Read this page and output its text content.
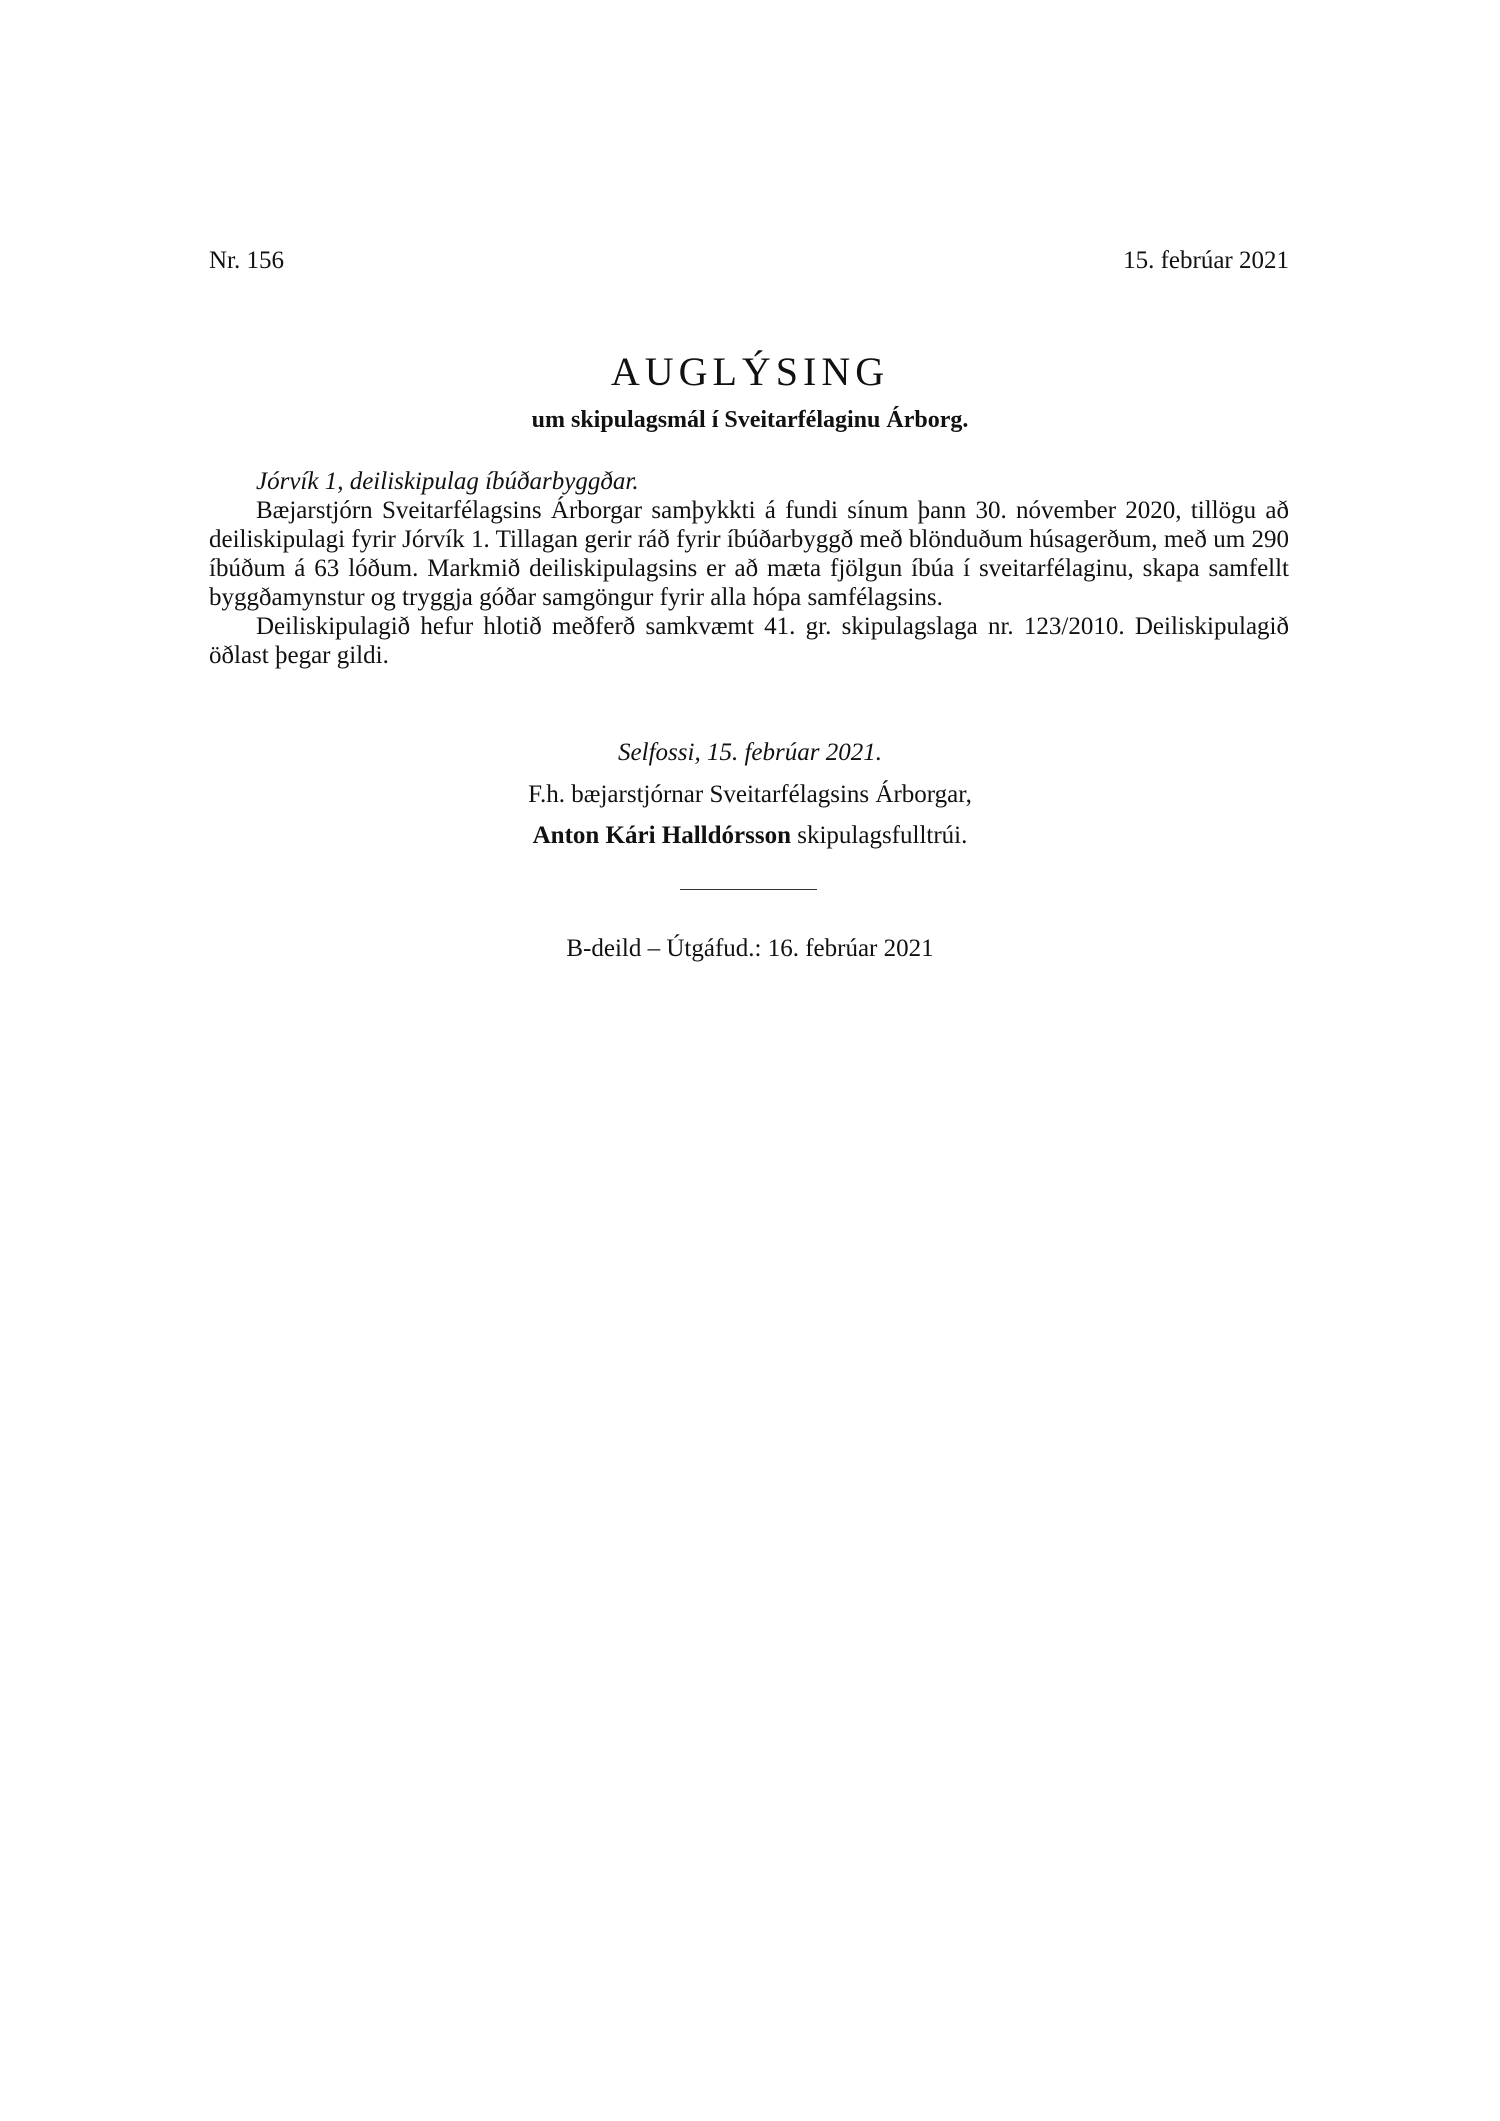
Nr. 156	15. febrúar 2021
AUGLÝSING
um skipulagsmál í Sveitarfélaginu Árborg.

Jórvík 1, deiliskipulag íbúðarbyggðar.

Bæjarstjórn Sveitarfélagsins Árborgar samþykkti á fundi sínum þann 30. nóvember 2020, tillögu að deiliskipulagi fyrir Jórvík 1. Tillagan gerir ráð fyrir íbúðarbyggð með blönduðum húsagerðum, með um 290 íbúðum á 63 lóðum. Markmið deiliskipulagsins er að mæta fjölgun íbúa í sveitarfélaginu, skapa samfellt byggðamynstur og tryggja góðar samgöngur fyrir alla hópa samfélagsins.

Deiliskipulagið hefur hlotið meðferð samkvæmt 41. gr. skipulagslaga nr. 123/2010. Deiliskipulagið öðlast þegar gildi.

Selfossi, 15. febrúar 2021.
F.h. bæjarstjórnar Sveitarfélagsins Árborgar,
Anton Kári Halldórsson skipulagsfulltrúi.
B-deild – Útgáfud.: 16. febrúar 2021
